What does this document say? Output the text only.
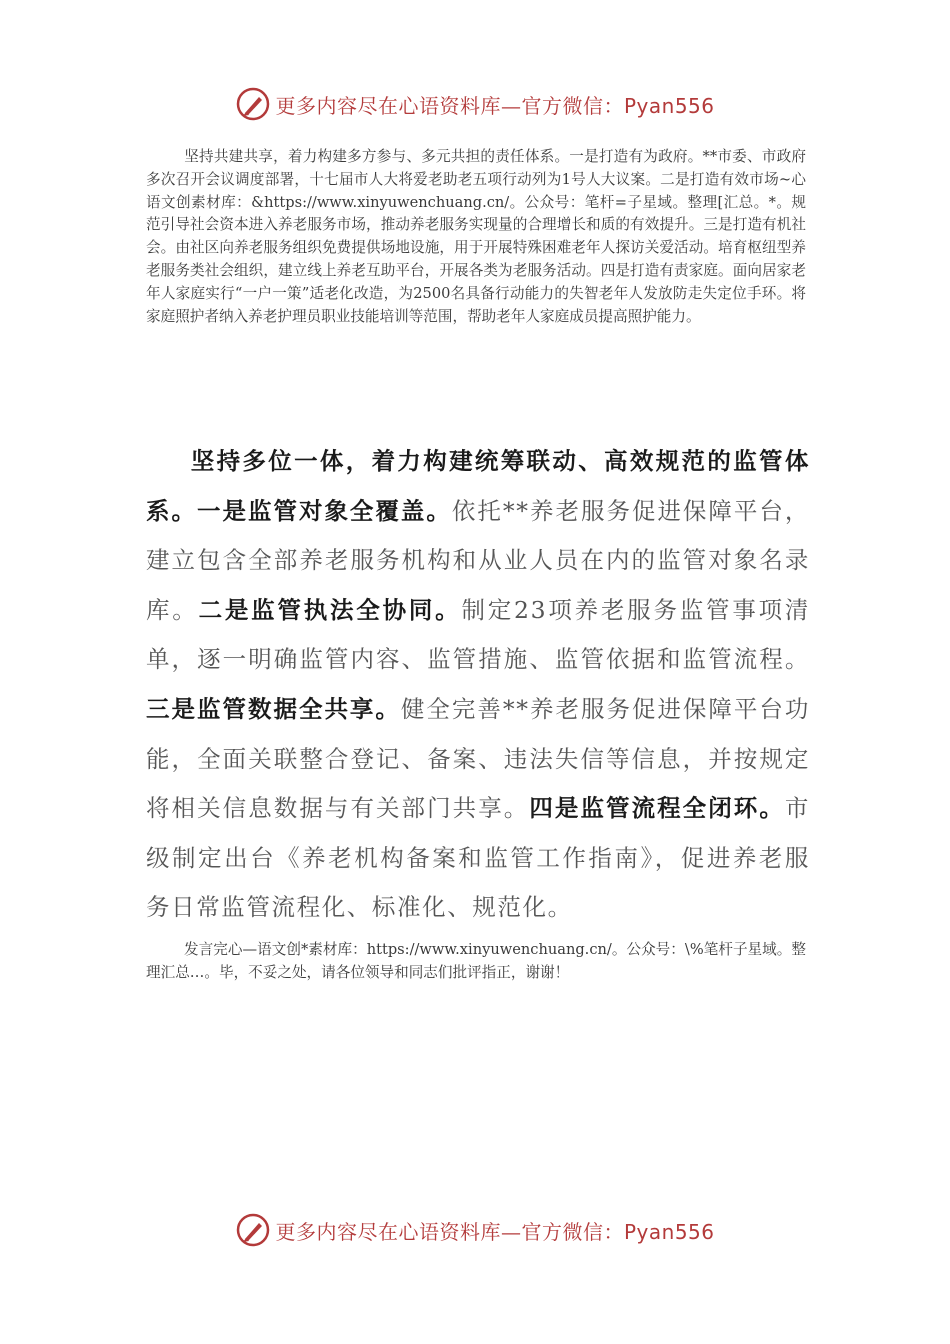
更多内容尽在心语资料库—官方微信：Pyan556

坚持共建共享，着力构建多方参与、多元共担的责任体系。一是打造有为政府。**市委、市政府多次召开会议调度部署，十七届市人大将爱老助老五项行动列为1号人大议案。二是打造有效市场~心语文创素材库：&https://www.xinyuwenchuang.cn/。公众号：笔杆=子星域。整理[汇总。*。规范引导社会资本进入养老服务市场，推动养老服务实现量的合理增长和质的有效提升。三是打造有机社会。由社区向养老服务组织免费提供场地设施，用于开展特殊困难老年人探访关爱活动。培育枢纽型养老服务类社会组织，建立线上养老互助平台，开展各类为老服务活动。四是打造有责家庭。面向居家老年人家庭实行“一户一策”适老化改造，为2500名具备行动能力的失智老年人发放防走失定位手环。将家庭照护者纳入养老护理员职业技能培训等范围，帮助老年人家庭成员提高照护能力。

坚持多位一体，着力构建统筹联动、高效规范的监管体系。一是监管对象全覆盖。依托**养老服务促进保障平台，建立包含全部养老服务机构和从业人员在内的监管对象名录库。二是监管执法全协同。制定23项养老服务监管事项清单，逐一明确监管内容、监管措施、监管依据和监管流程。三是监管数据全共享。健全完善**养老服务促进保障平台功能，全面关联整合登记、备案、违法失信等信息，并按规定将相关信息数据与有关部门共享。四是监管流程全闭环。市级制定出台《养老机构备案和监管工作指南》，促进养老服务日常监管流程化、标准化、规范化。

发言完心—语文创*素材库：https://www.xinyuwenchuang.cn/。公众号：\%笔杆子星域。整理汇总…。毕，不妥之处，请各位领导和同志们批评指正，谢谢！

更多内容尽在心语资料库—官方微信：Pyan556
